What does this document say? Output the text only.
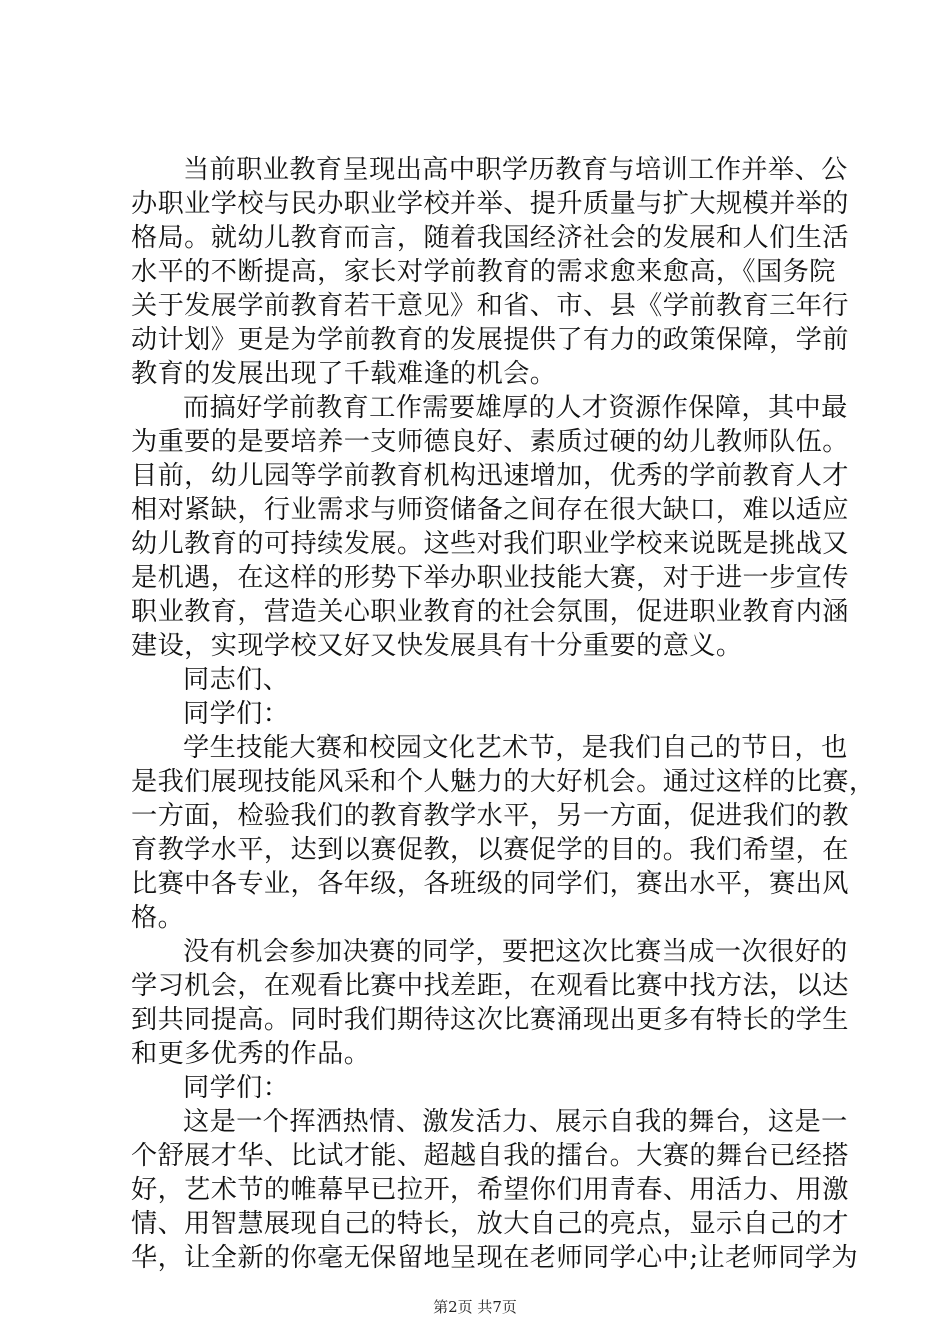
当前职业教育呈现出高中职学历教育与培训工作并举、公
办职业学校与民办职业学校并举、提升质量与扩大规模并举的
格局。就幼儿教育而言，随着我国经济社会的发展和人们生活
水平的不断提高，家长对学前教育的需求愈来愈高，《国务院
关于发展学前教育若干意见》和省、市、县《学前教育三年行
动计划》更是为学前教育的发展提供了有力的政策保障，学前
教育的发展出现了千载难逢的机会。
而搞好学前教育工作需要雄厚的人才资源作保障，其中最
为重要的是要培养一支师德良好、素质过硬的幼儿教师队伍。
目前，幼儿园等学前教育机构迅速增加，优秀的学前教育人才
相对紧缺，行业需求与师资储备之间存在很大缺口，难以适应
幼儿教育的可持续发展。这些对我们职业学校来说既是挑战又
是机遇，在这样的形势下举办职业技能大赛，对于进一步宣传
职业教育，营造关心职业教育的社会氛围，促进职业教育内涵
建设，实现学校又好又快发展具有十分重要的意义。
同志们、
同学们：
学生技能大赛和校园文化艺术节，是我们自己的节日，也
是我们展现技能风采和个人魅力的大好机会。通过这样的比赛，
一方面，检验我们的教育教学水平，另一方面，促进我们的教
育教学水平，达到以赛促教，以赛促学的目的。我们希望，在
比赛中各专业，各年级，各班级的同学们，赛出水平，赛出风
格。
没有机会参加决赛的同学，要把这次比赛当成一次很好的
学习机会，在观看比赛中找差距，在观看比赛中找方法，以达
到共同提高。同时我们期待这次比赛涌现出更多有特长的学生
和更多优秀的作品。
同学们：
这是一个挥洒热情、激发活力、展示自我的舞台，这是一
个舒展才华、比试才能、超越自我的擂台。大赛的舞台已经搭
好，艺术节的帷幕早已拉开，希望你们用青春、用活力、用激
情、用智慧展现自己的特长，放大自己的亮点，显示自己的才
华，让全新的你毫无保留地呈现在老师同学心中;让老师同学为
第2页 共7页
